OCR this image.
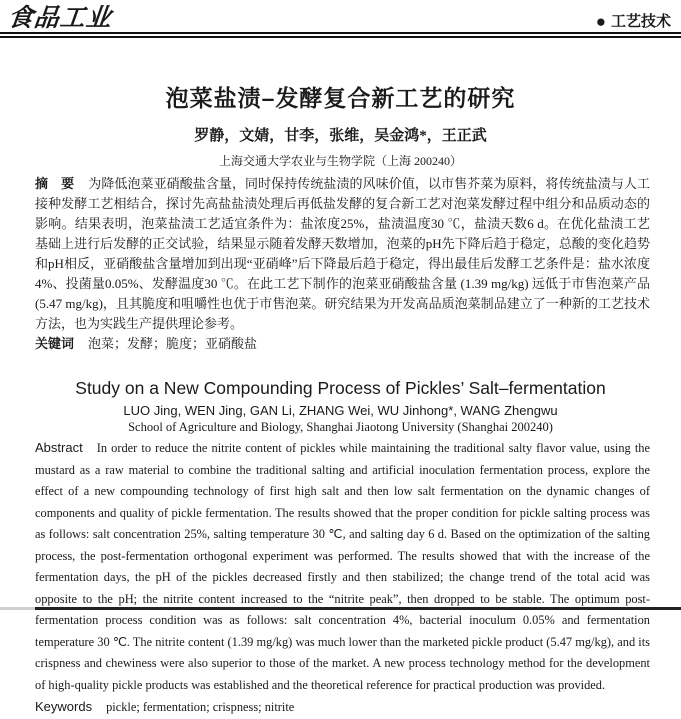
食品工业	● 工艺技术
泡菜盐渍–发酵复合新工艺的研究
罗静，文婧，甘李，张维，吴金鸿*，王正武
上海交通大学农业与生物学院（上海 200240）

摘　要 为降低泡菜亚硝酸盐含量，同时保持传统盐渍的风味价值，以市售芥菜为原料，将传统盐渍与人工接种发酵工艺相结合，探讨先高盐盐渍处理后再低盐发酵的复合新工艺对泡菜发酵过程中组分和品质动态的影响。结果表明，泡菜盐渍工艺适宜条件为：盐浓度25%，盐渍温度30 ℃，盐渍天数6 d。在优化盐渍工艺基础上进行后发酵的正交试验，结果显示随着发酵天数增加，泡菜的pH先下降后趋于稳定，总酸的变化趋势和pH相反，亚硝酸盐含量增加到出现“亚硝峰”后下降最后趋于稳定，得出最佳后发酵工艺条件是：盐水浓度4%、投菌量0.05%、发酵温度30 ℃。在此工艺下制作的泡菜亚硝酸盐含量 (1.39 mg/kg) 远低于市售泡菜产品 (5.47 mg/kg)，且其脆度和咀嚼性也优于市售泡菜。研究结果为开发高品质泡菜制品建立了一种新的工艺技术方法，也为实践生产提供理论参考。

关键词 泡菜；发酵；脆度；亚硝酸盐

Study on a New Compounding Process of Pickles’ Salt–fermentation
LUO Jing, WEN Jing, GAN Li, ZHANG Wei, WU Jinhong*, WANG Zhengwu
School of Agriculture and Biology, Shanghai Jiaotong University (Shanghai 200240)

Abstract In order to reduce the nitrite content of pickles while maintaining the traditional salty flavor value, using the mustard as a raw material to combine the traditional salting and artificial inoculation fermentation process, explore the effect of a new compounding technology of first high salt and then low salt fermentation on the dynamic changes of components and quality of pickle fermentation. The results showed that the proper condition for pickle salting process was as follows: salt concentration 25%, salting temperature 30 ℃, and salting day 6 d. Based on the optimization of the salting process, the post-fermentation orthogonal experiment was performed. The results showed that with the increase of the fermentation days, the pH of the pickles decreased firstly and then stabilized; the change trend of the total acid was opposite to the pH; the nitrite content increased to the “nitrite peak”, then dropped to be stable. The optimum post-fermentation process condition was as follows: salt concentration 4%, bacterial inoculum 0.05% and fermentation temperature 30 ℃. The nitrite content (1.39 mg/kg) was much lower than the marketed pickle product (5.47 mg/kg), and its crispness and chewiness were also superior to those of the market. A new process technology method for the development of high-quality pickle products was established and the theoretical reference for practical production was provided.

Keywords pickle; fermentation; crispness; nitrite
